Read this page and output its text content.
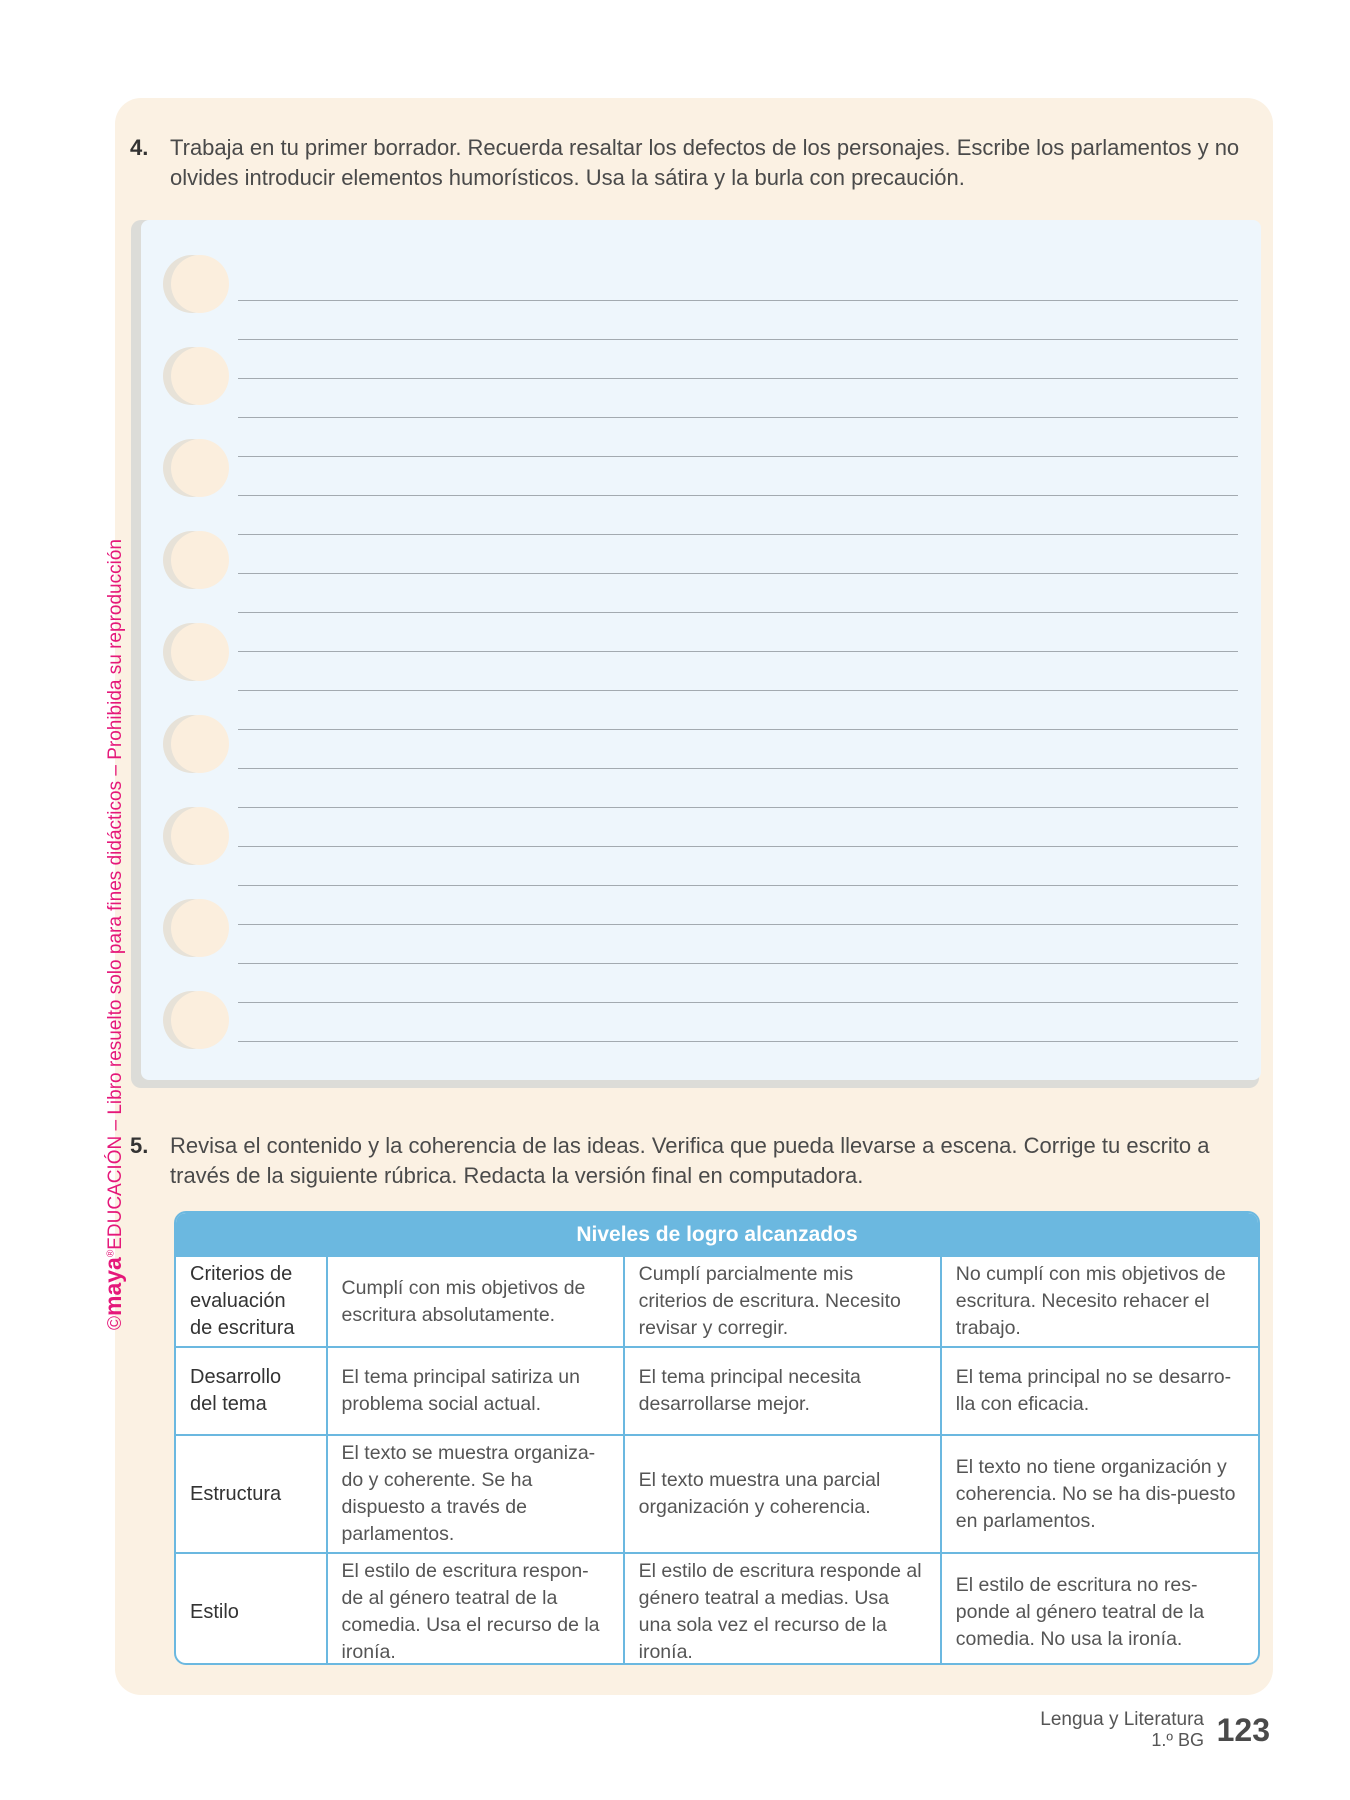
©maya®EDUCACIÓN – Libro resuelto solo para fines didácticos – Prohibida su reproducción
4. Trabaja en tu primer borrador. Recuerda resaltar los defectos de los personajes. Escribe los parlamentos y no olvides introducir elementos humorísticos. Usa la sátira y la burla con precaución.
5. Revisa el contenido y la coherencia de las ideas. Verifica que pueda llevarse a escena. Corrige tu escrito a través de la siguiente rúbrica. Redacta la versión final en computadora.
Niveles de logro alcanzados			
Criterios de evaluación de escritura	Cumplí con mis objetivos de escritura absolutamente.	Cumplí parcialmente mis criterios de escritura. Necesito revisar y corregir.	No cumplí con mis objetivos de escritura. Necesito rehacer el trabajo.
Desarrollo del tema	El tema principal satiriza un problema social actual.	El tema principal necesita desarrollarse mejor.	El tema principal no se desarro-lla con eficacia.
Estructura	El texto se muestra organiza-do y coherente. Se ha dispuesto a través de parlamentos.	El texto muestra una parcial organización y coherencia.	El texto no tiene organización y coherencia. No se ha dis-puesto en parlamentos.
Estilo	El estilo de escritura respon-de al género teatral de la comedia. Usa el recurso de la ironía.	El estilo de escritura responde al género teatral a medias. Usa una sola vez el recurso de la ironía.	El estilo de escritura no res-ponde al género teatral de la comedia. No usa la ironía.
Lengua y Literatura
1.º BG 123
